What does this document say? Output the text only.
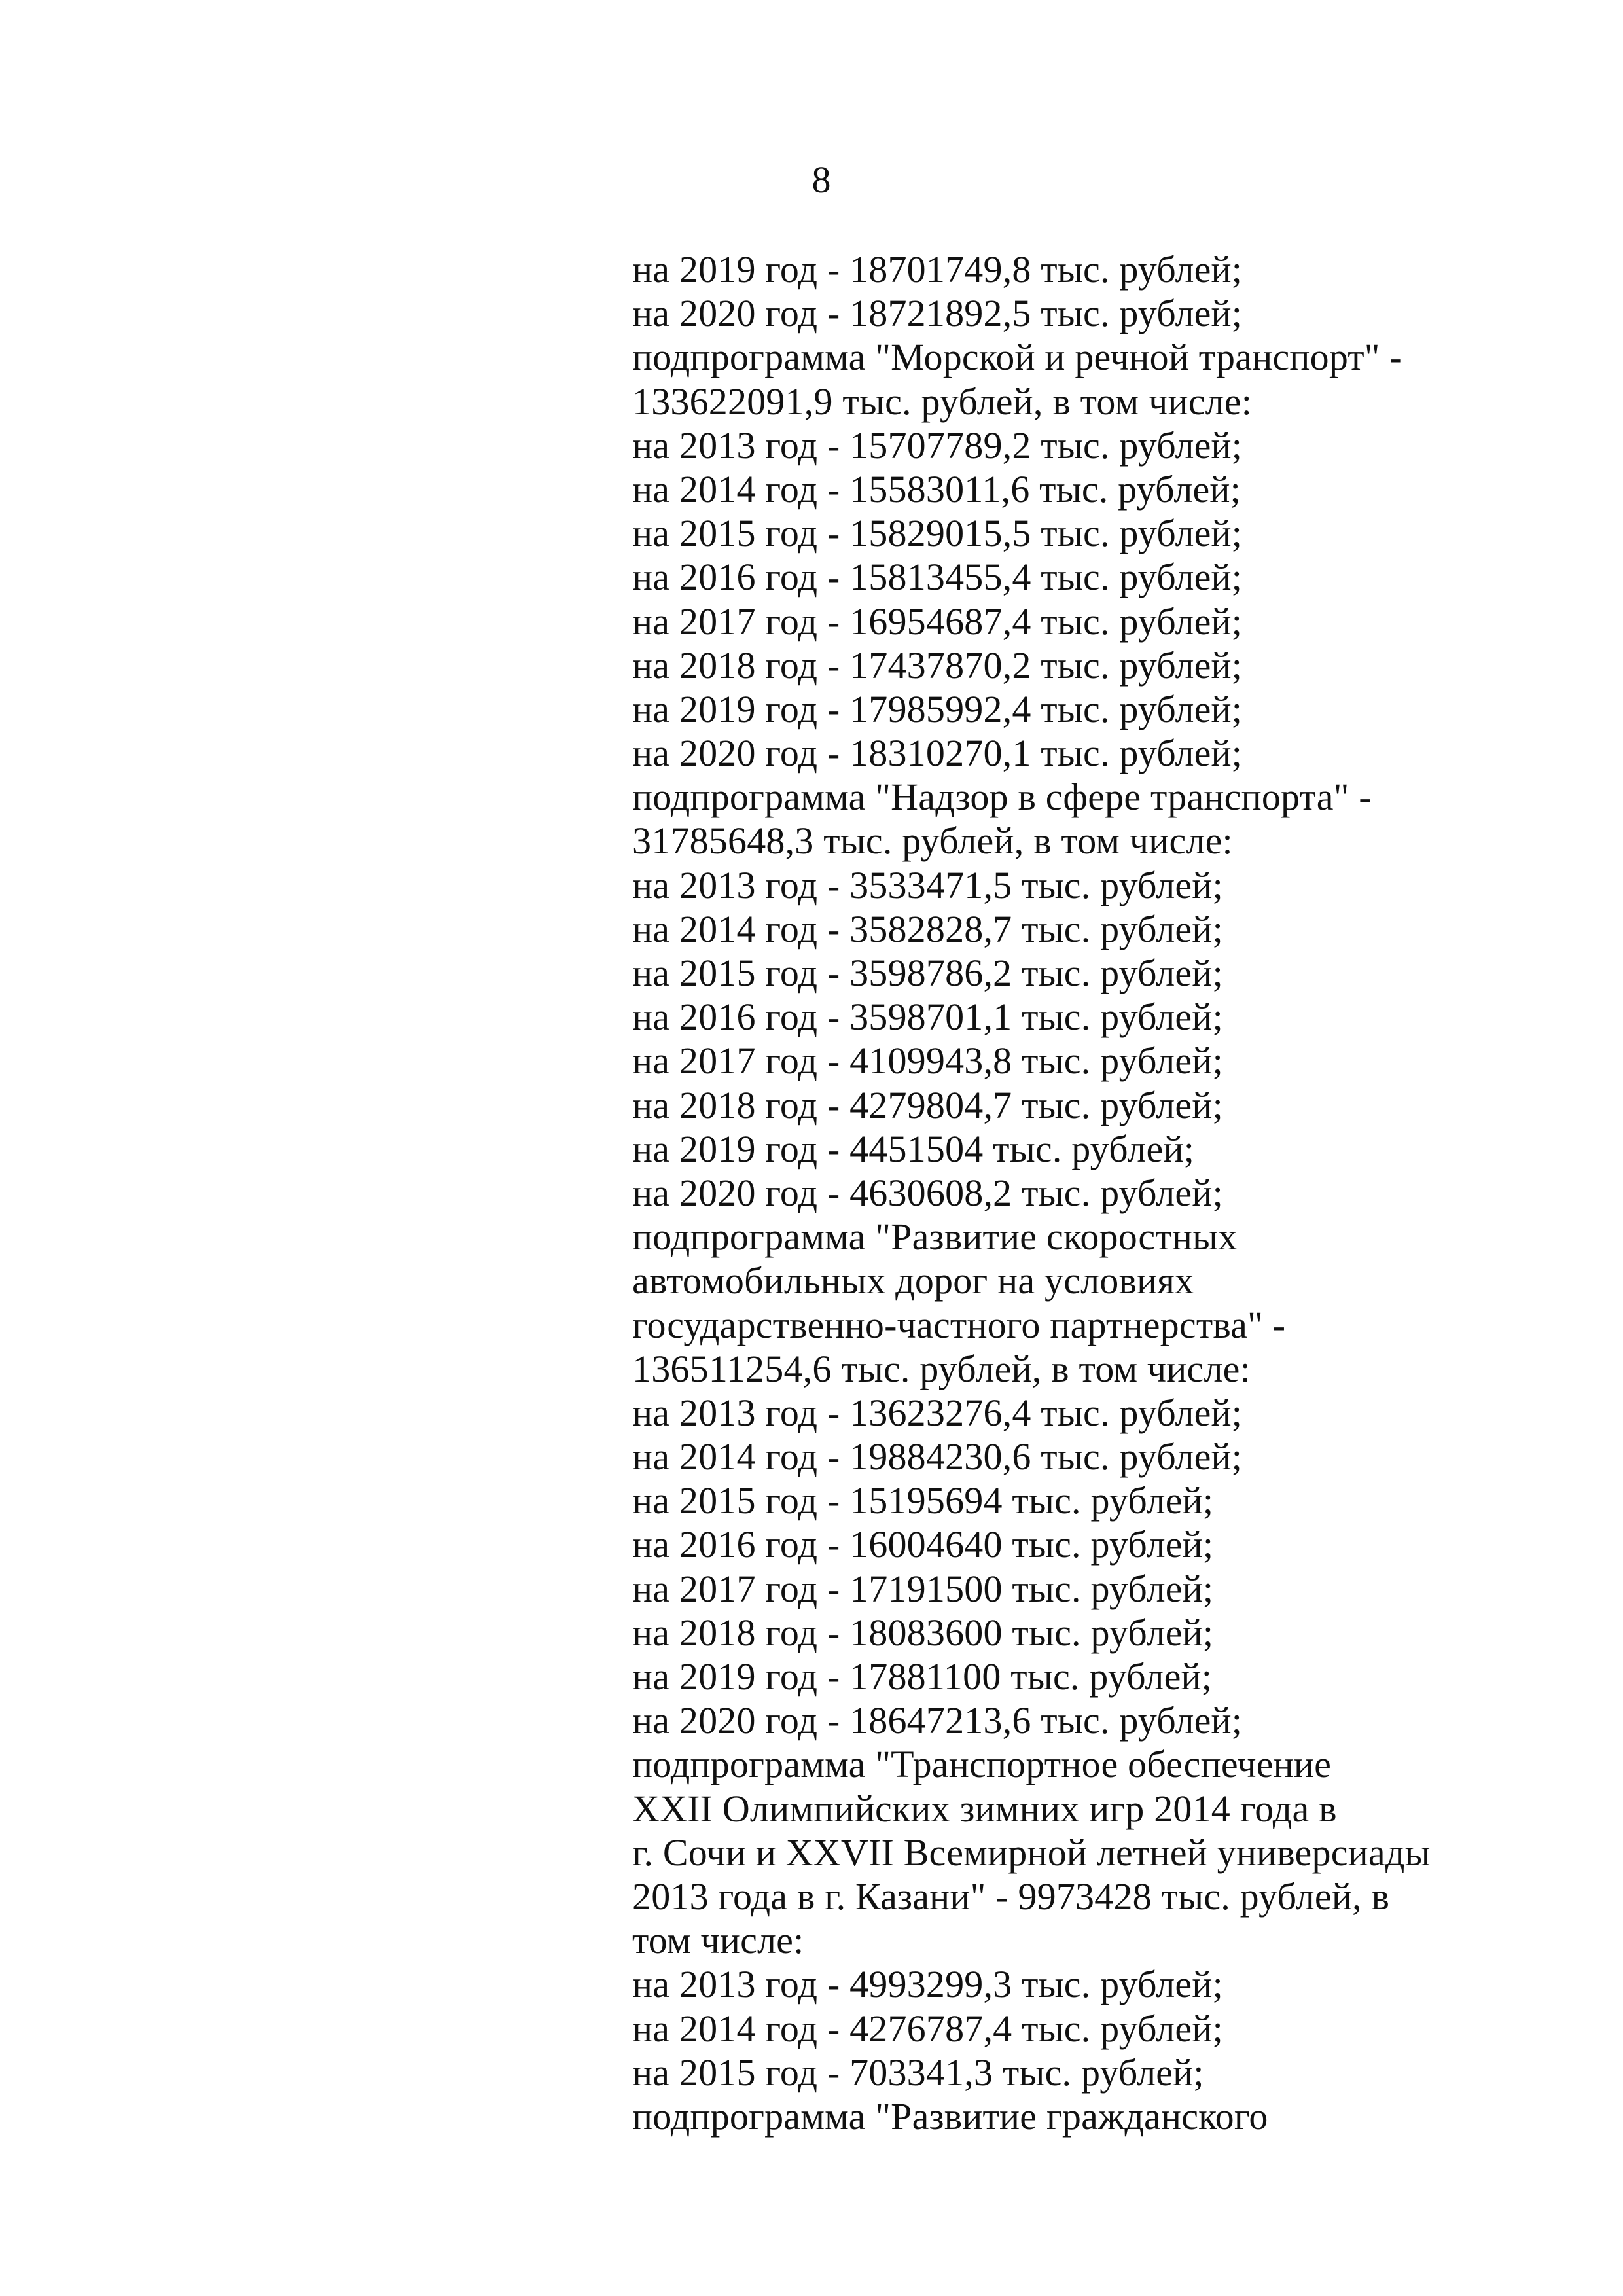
8
на 2019 год - 18701749,8 тыс. рублей;
на 2020 год - 18721892,5 тыс. рублей;
подпрограмма "Морской и речной транспорт" -
133622091,9 тыс. рублей, в том числе:
на 2013 год - 15707789,2 тыс. рублей;
на 2014 год - 15583011,6 тыс. рублей;
на 2015 год - 15829015,5 тыс. рублей;
на 2016 год - 15813455,4 тыс. рублей;
на 2017 год - 16954687,4 тыс. рублей;
на 2018 год - 17437870,2 тыс. рублей;
на 2019 год - 17985992,4 тыс. рублей;
на 2020 год - 18310270,1 тыс. рублей;
подпрограмма "Надзор в сфере транспорта" -
31785648,3 тыс. рублей, в том числе:
на 2013 год - 3533471,5 тыс. рублей;
на 2014 год - 3582828,7 тыс. рублей;
на 2015 год - 3598786,2 тыс. рублей;
на 2016 год - 3598701,1 тыс. рублей;
на 2017 год - 4109943,8 тыс. рублей;
на 2018 год - 4279804,7 тыс. рублей;
на 2019 год - 4451504 тыс. рублей;
на 2020 год - 4630608,2 тыс. рублей;
подпрограмма "Развитие скоростных
автомобильных дорог на условиях
государственно-частного партнерства" -
136511254,6 тыс. рублей, в том числе:
на 2013 год - 13623276,4 тыс. рублей;
на 2014 год - 19884230,6 тыс. рублей;
на 2015 год - 15195694 тыс. рублей;
на 2016 год - 16004640 тыс. рублей;
на 2017 год - 17191500 тыс. рублей;
на 2018 год - 18083600 тыс. рублей;
на 2019 год - 17881100 тыс. рублей;
на 2020 год - 18647213,6 тыс. рублей;
подпрограмма "Транспортное обеспечение
XXII Олимпийских зимних игр 2014 года в
г. Сочи и XXVII Всемирной летней универсиады
2013 года в г. Казани" - 9973428 тыс. рублей, в
том числе:
на 2013 год - 4993299,3 тыс. рублей;
на 2014 год - 4276787,4 тыс. рублей;
на 2015 год - 703341,3 тыс. рублей;
подпрограмма "Развитие гражданского
